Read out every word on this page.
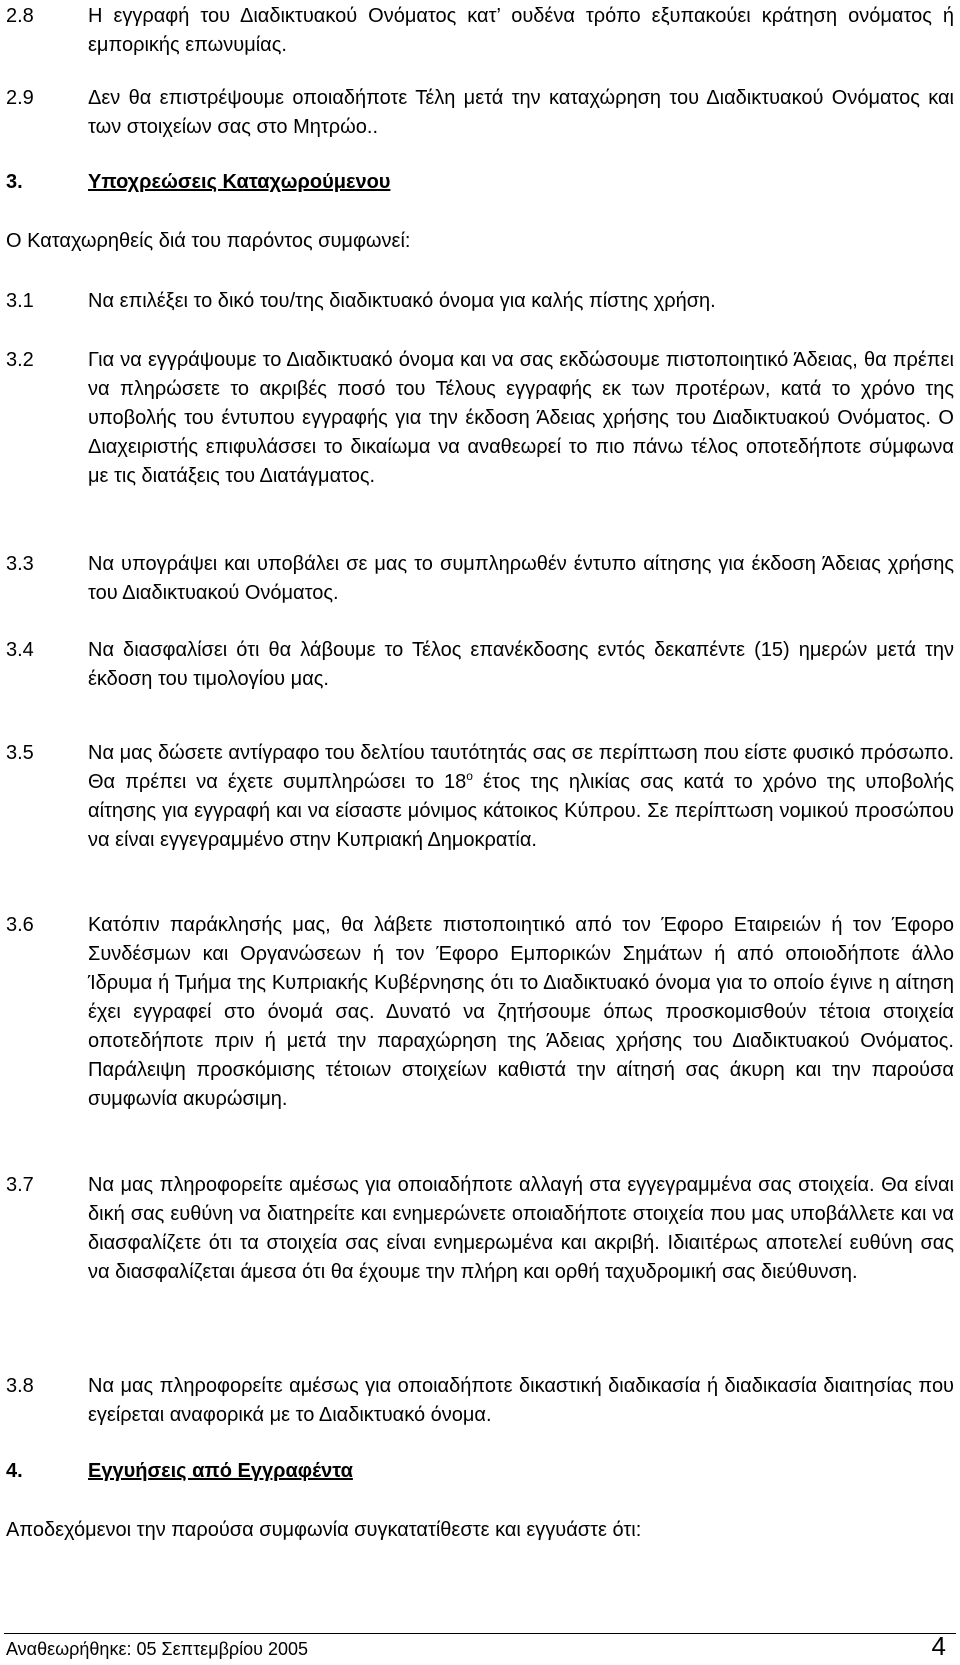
2.8	Η εγγραφή του Διαδικτυακού Ονόματος κατ’ ουδένα τρόπο εξυπακούει κράτηση ονόματος ή εμπορικής επωνυμίας.
2.9	Δεν θα επιστρέψουμε οποιαδήποτε Τέλη μετά την καταχώρηση του Διαδικτυακού Ονόματος και των στοιχείων σας στο Μητρώο..
3.	Υποχρεώσεις Καταχωρούμενου
Ο Καταχωρηθείς διά του παρόντος συμφωνεί:
3.1	Να επιλέξει το δικό του/της διαδικτυακό όνομα για καλής πίστης χρήση.
3.2	Για να εγγράψουμε το Διαδικτυακό όνομα και να σας εκδώσουμε πιστοποιητικό Άδειας, θα πρέπει να πληρώσετε το ακριβές ποσό του Τέλους εγγραφής εκ των προτέρων, κατά το χρόνο της υποβολής του έντυπου εγγραφής για την έκδοση Άδειας χρήσης του Διαδικτυακού Ονόματος. Ο Διαχειριστής επιφυλάσσει το δικαίωμα να αναθεωρεί το πιο πάνω τέλος οποτεδήποτε σύμφωνα με τις διατάξεις του Διατάγματος.
3.3	Να υπογράψει και υποβάλει σε μας το συμπληρωθέν έντυπο αίτησης για έκδοση Άδειας χρήσης του Διαδικτυακού Ονόματος.
3.4	Να διασφαλίσει ότι θα λάβουμε το Τέλος επανέκδοσης εντός δεκαπέντε (15) ημερών μετά την έκδοση του τιμολογίου μας.
3.5	Να μας δώσετε αντίγραφο του δελτίου ταυτότητάς σας σε περίπτωση που είστε φυσικό πρόσωπο. Θα πρέπει να έχετε συμπληρώσει το $18^o$ έτος της ηλικίας σας κατά το χρόνο της υποβολής αίτησης για εγγραφή και να είσαστε μόνιμος κάτοικος Κύπρου. Σε περίπτωση νομικού προσώπου να είναι εγγεγραμμένο στην Κυπριακή Δημοκρατία.
3.6	Κατόπιν παράκλησής μας, θα λάβετε πιστοποιητικό από τον Έφορο Εταιρειών ή τον Έφορο Συνδέσμων και Οργανώσεων ή τον Έφορο Εμπορικών Σημάτων ή από οποιοδήποτε άλλο Ίδρυμα ή Τμήμα της Κυπριακής Κυβέρνησης ότι το Διαδικτυακό όνομα για το οποίο έγινε η αίτηση έχει εγγραφεί στο όνομά σας. Δυνατό να ζητήσουμε όπως προσκομισθούν τέτοια στοιχεία οποτεδήποτε πριν ή μετά την παραχώρηση της Άδειας χρήσης του Διαδικτυακού Ονόματος. Παράλειψη προσκόμισης τέτοιων στοιχείων καθιστά την αίτησή σας άκυρη και την παρούσα συμφωνία ακυρώσιμη.
3.7	Να μας πληροφορείτε αμέσως για οποιαδήποτε αλλαγή στα εγγεγραμμένα σας στοιχεία. Θα είναι δική σας ευθύνη να διατηρείτε και ενημερώνετε οποιαδήποτε στοιχεία που μας υποβάλλετε και να διασφαλίζετε ότι τα στοιχεία σας είναι ενημερωμένα και ακριβή. Ιδιαιτέρως αποτελεί ευθύνη σας να διασφαλίζεται άμεσα ότι θα έχουμε την πλήρη και ορθή ταχυδρομική σας διεύθυνση.
3.8	Να μας πληροφορείτε αμέσως για οποιαδήποτε δικαστική διαδικασία ή διαδικασία διαιτησίας που εγείρεται αναφορικά με το Διαδικτυακό όνομα.
4.	Εγγυήσεις από Εγγραφέντα
Αποδεχόμενοι την παρούσα συμφωνία συγκατατίθεστε και εγγυάστε ότι:
Αναθεωρήθηκε: 05 Σεπτεμβρίου 2005	4
